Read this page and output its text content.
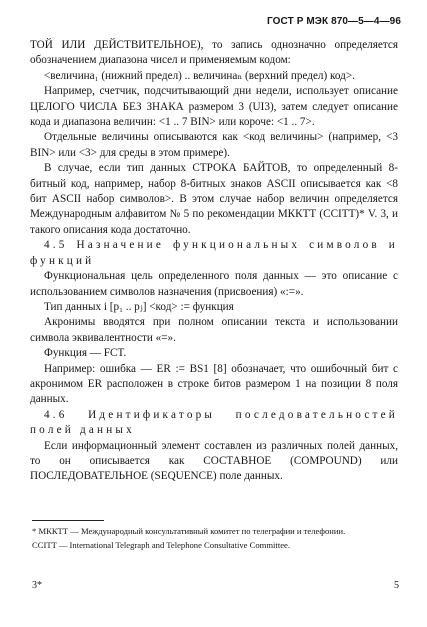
ГОСТ Р МЭК 870—5—4—96

ТОЙ ИЛИ ДЕЙСТВИТЕЛЬНОЕ), то запись однозначно определяется обозначением диапазона чисел и применяемым кодом:

<величина₁ (нижний предел) .. величинаₙ (верхний предел) код>.

Например, счетчик, подсчитывающий дни недели, использует описание ЦЕЛОГО ЧИСЛА БЕЗ ЗНАКА размером 3 (UI3), затем следует описание кода и диапазона величин: <1 .. 7 BIN> или короче: <1 .. 7>.

Отдельные величины описываются как <код величины> (например, <3 BIN> или <3> для среды в этом примере).

В случае, если тип данных СТРОКА БАЙТОВ, то определенный 8-битный код, например, набор 8-битных знаков ASCII описывается как <8 бит ASCII набор символов>. В этом случае набор величин определяется Международным алфавитом № 5 по рекомендации МККТТ (CCITT)* V. 3, и такого описания кода достаточно.

4.5 Назначение функциональных символов и функций

Функциональная цель определенного поля данных — это описание с использованием символов назначения (присвоения) «:=».

Тип данных i [p₁ .. pⱼ] <код> := функция

Акронимы вводятся при полном описании текста и использовании символа эквивалентности «=».

Функция — FCT.

Например: ошибка — ER := BS1 [8] обозначает, что ошибочный бит с акронимом ER расположен в строке битов размером 1 на позиции 8 поля данных.

4.6 Идентификаторы последовательностей полей данных

Если информационный элемент составлен из различных полей данных, то он описывается как СОСТАВНОЕ (COMPOUND) или ПОСЛЕДОВАТЕЛЬНОЕ (SEQUENCE) поле данных.

* МККТТ — Международный консультативный комитет по телеграфии и телефонии.

CCITT — International Telegraph and Telephone Consultative Committee.

3*	5
